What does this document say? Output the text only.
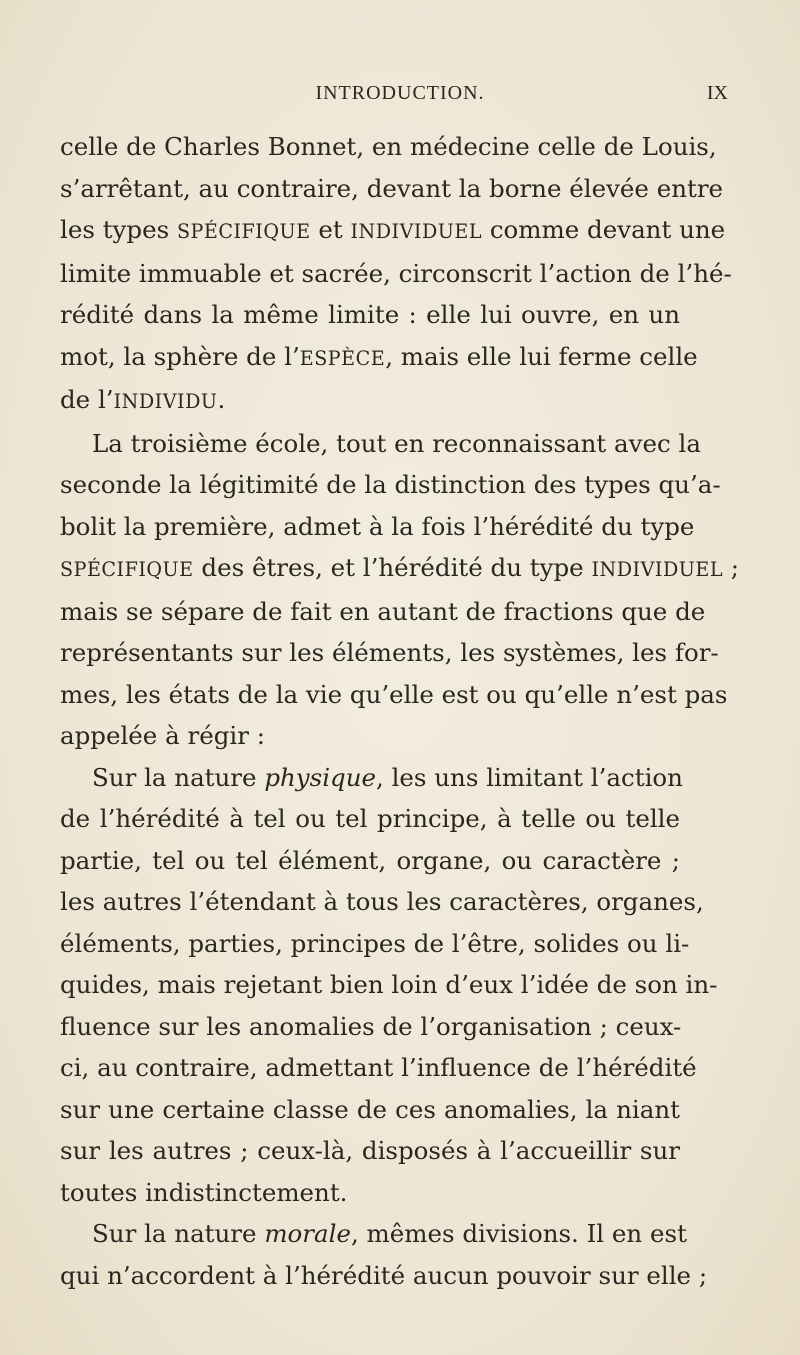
INTRODUCTION.	IX
celle de Charles Bonnet, en médecine celle de Louis,
s’arrêtant, au contraire, devant la borne élevée entre
les types SPÉCIFIQUE et INDIVIDUEL comme devant une
limite immuable et sacrée, circonscrit l’action de l’hé-
rédité dans la même limite : elle lui ouvre, en un
mot, la sphère de l’ESPÈCE, mais elle lui ferme celle
de l’INDIVIDU.
La troisième école, tout en reconnaissant avec la
seconde la légitimité de la distinction des types qu’a-
bolit la première, admet à la fois l’hérédité du type
SPÉCIFIQUE des êtres, et l’hérédité du type INDIVIDUEL ;
mais se sépare de fait en autant de fractions que de
représentants sur les éléments, les systèmes, les for-
mes, les états de la vie qu’elle est ou qu’elle n’est pas
appelée à régir :
Sur la nature physique, les uns limitant l’action
de l’hérédité à tel ou tel principe, à telle ou telle
partie, tel ou tel élément, organe, ou caractère ;
les autres l’étendant à tous les caractères, organes,
éléments, parties, principes de l’être, solides ou li-
quides, mais rejetant bien loin d’eux l’idée de son in-
fluence sur les anomalies de l’organisation ; ceux-
ci, au contraire, admettant l’influence de l’hérédité
sur une certaine classe de ces anomalies, la niant
sur les autres ; ceux-là, disposés à l’accueillir sur
toutes indistinctement.
Sur la nature morale, mêmes divisions. Il en est
qui n’accordent à l’hérédité aucun pouvoir sur elle ;
